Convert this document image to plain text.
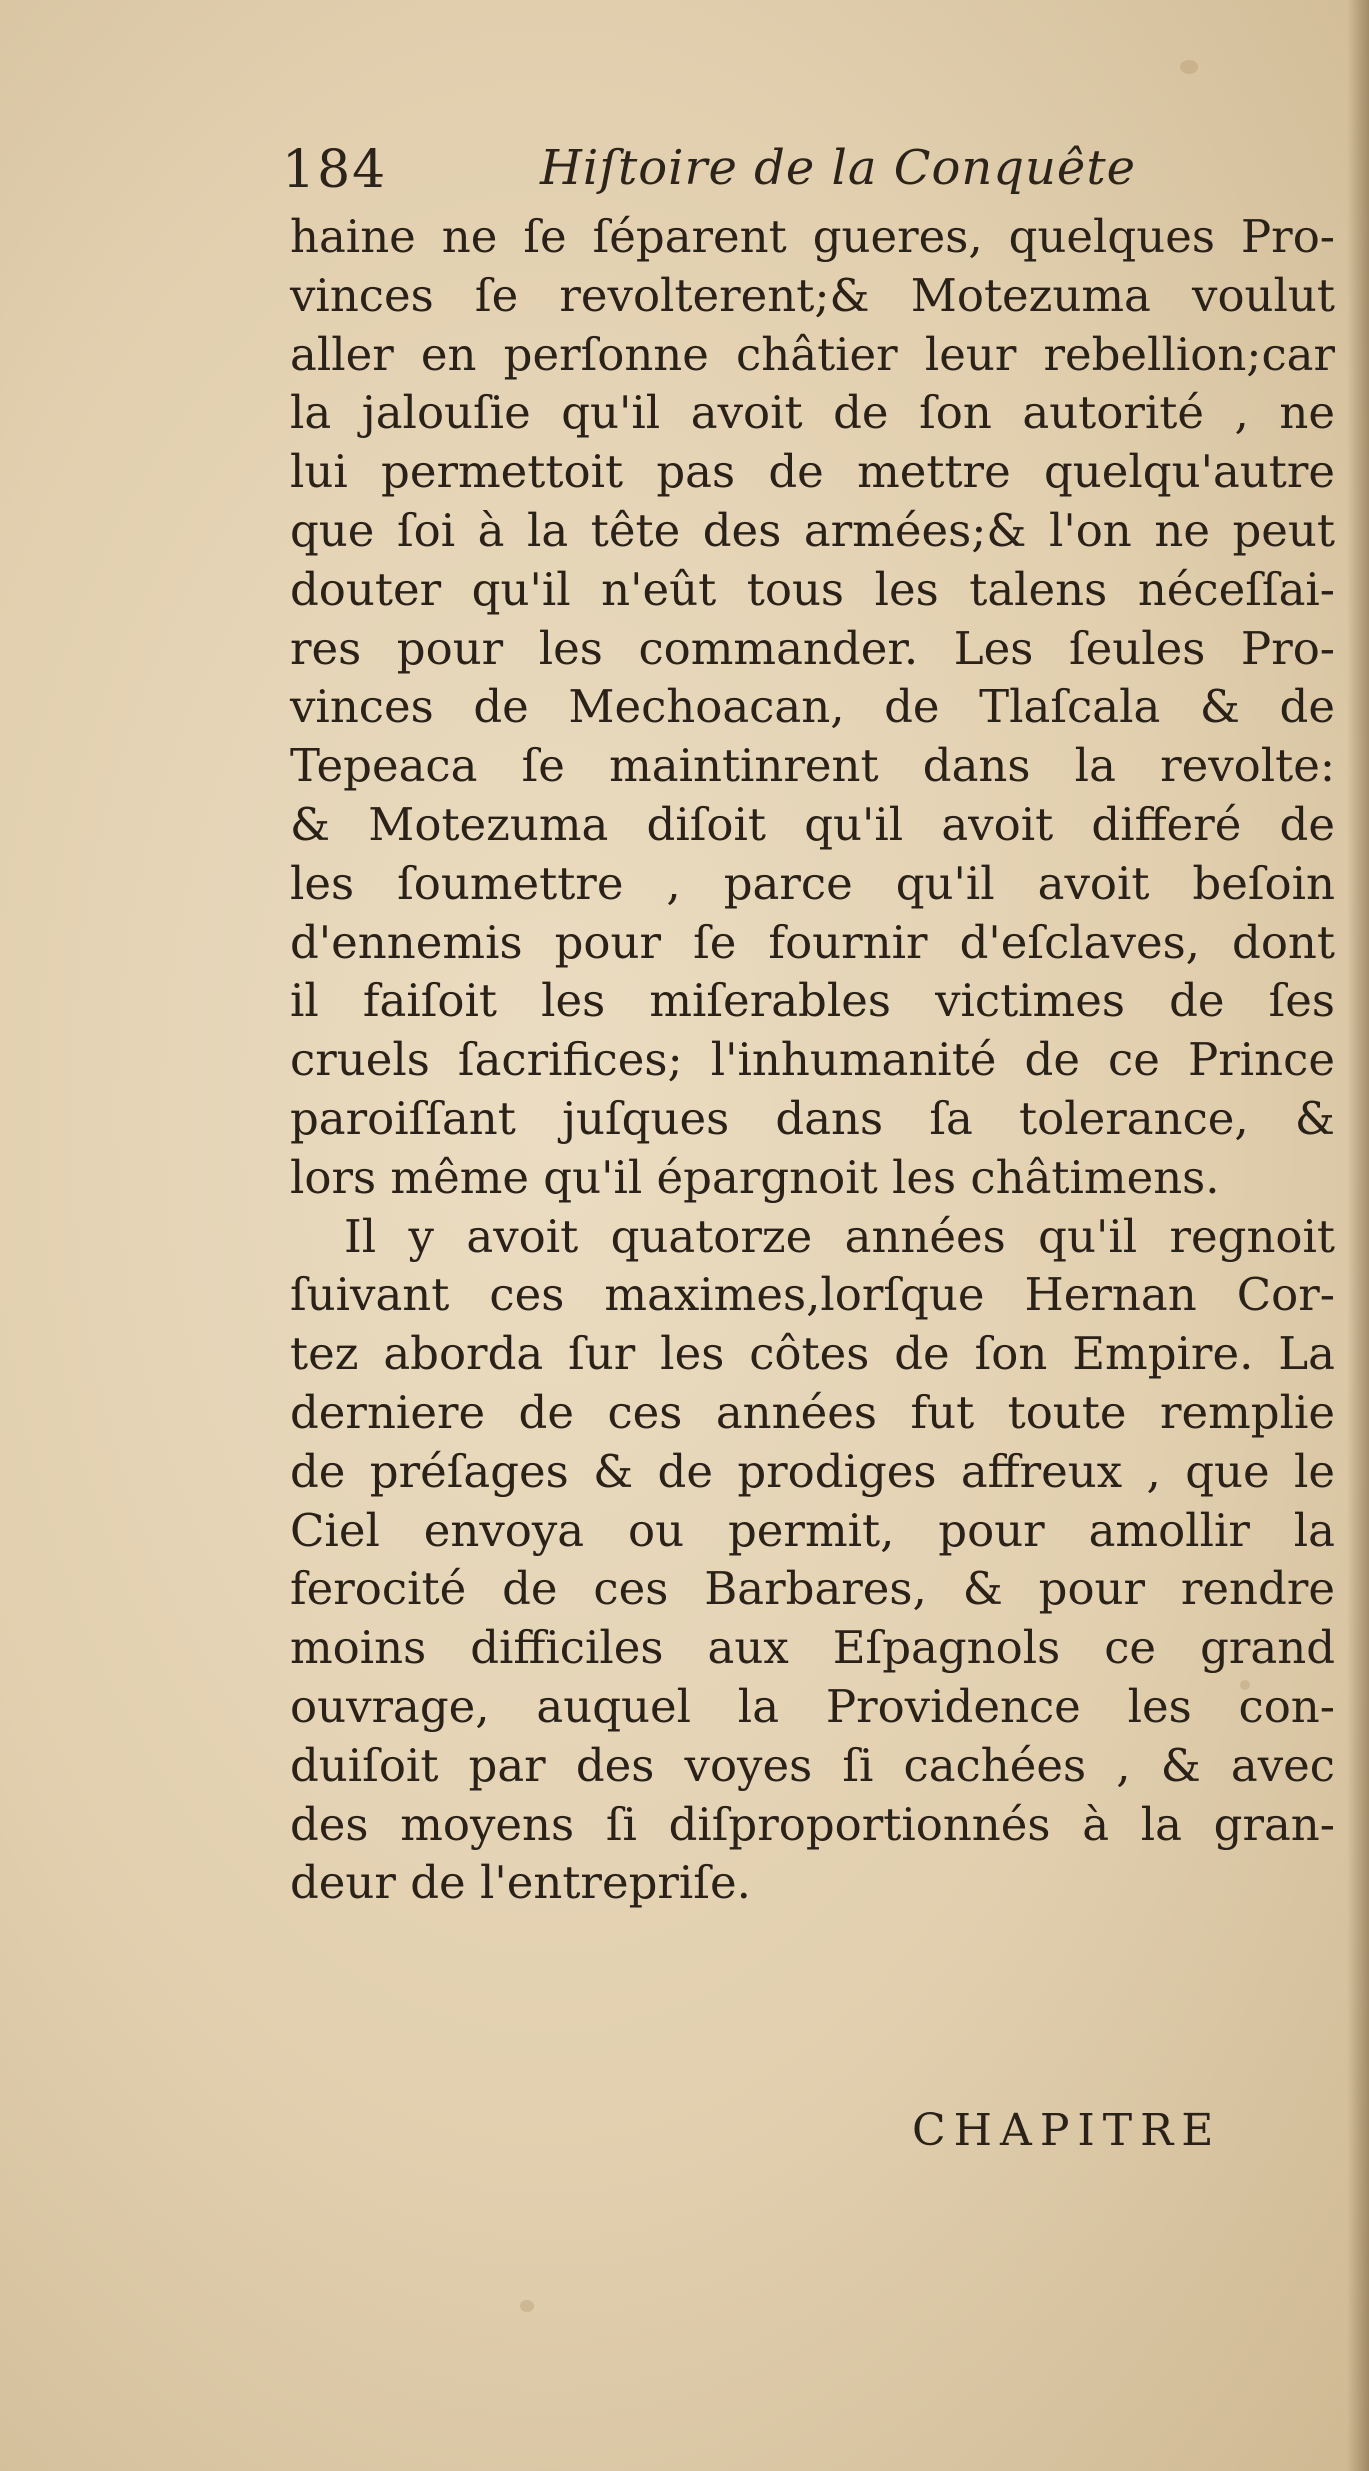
184	Hiſtoire de la Conquête
haine ne ſe ſéparent gueres, quelques Pro-
vinces ſe revolterent;& Motezuma voulut
aller en perſonne châtier leur rebellion;car
la jalouſie qu'il avoit de ſon autorité , ne
lui permettoit pas de mettre quelqu'autre
que ſoi à la tête des armées;& l'on ne peut
douter qu'il n'eût tous les talens néceſſai-
res pour les commander. Les ſeules Pro-
vinces de Mechoacan, de Tlaſcala & de
Tepeaca ſe maintinrent dans la revolte:
& Motezuma diſoit qu'il avoit differé de
les ſoumettre , parce qu'il avoit beſoin
d'ennemis pour ſe fournir d'eſclaves, dont
il faiſoit les miſerables victimes de ſes
cruels ſacrifices; l'inhumanité de ce Prince
paroiſſant juſques dans ſa tolerance, &
lors même qu'il épargnoit les châtimens.
Il y avoit quatorze années qu'il regnoit
ſuivant ces maximes,lorſque Hernan Cor-
tez aborda ſur les côtes de ſon Empire. La
derniere de ces années fut toute remplie
de préſages & de prodiges affreux , que le
Ciel envoya ou permit, pour amollir la
ferocité de ces Barbares, & pour rendre
moins difficiles aux Eſpagnols ce grand
ouvrage, auquel la Providence les con-
duiſoit par des voyes ſi cachées , & avec
des moyens ſi diſproportionnés à la gran-
deur de l'entrepriſe.
CHAPITRE
